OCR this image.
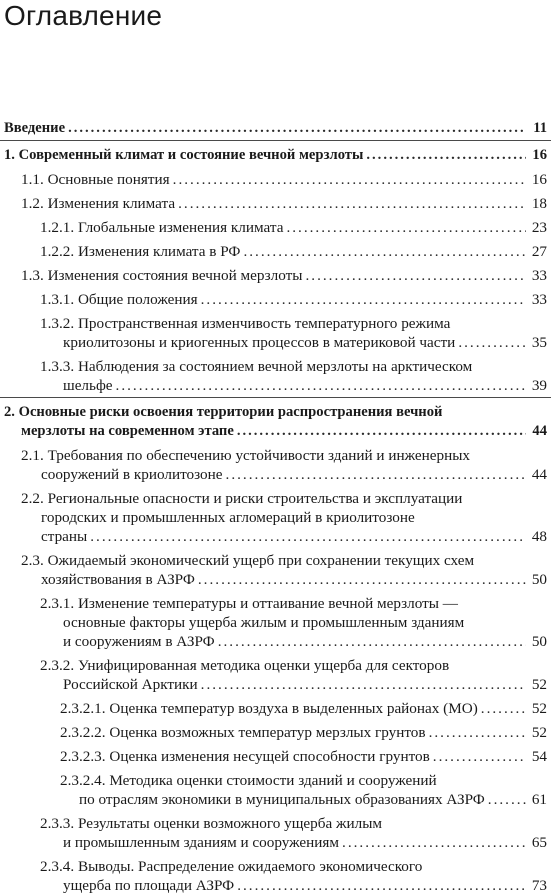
Оглавление
Введение .....	11
1. Современный климат и состояние вечной мерзлоты .....	16
1.1. Основные понятия .....	16
1.2. Изменения климата .....	18
1.2.1. Глобальные изменения климата .....	23
1.2.2. Изменения климата в РФ .....	27
1.3. Изменения состояния вечной мерзлоты .....	33
1.3.1. Общие положения .....	33
1.3.2. Пространственная изменчивость температурного режима
криолитозоны и криогенных процессов в материковой части .....	35
1.3.3. Наблюдения за состоянием вечной мерзлоты на арктическом
шельфе .....	39
2. Основные риски освоения территории распространения вечной
мерзлоты на современном этапе .....	44
2.1. Требования по обеспечению устойчивости зданий и инженерных
сооружений в криолитозоне .....	44
2.2. Региональные опасности и риски строительства и эксплуатации
городских и промышленных агломераций в криолитозоне
страны .....	48
2.3. Ожидаемый экономический ущерб при сохранении текущих схем
хозяйствования в АЗРФ .....	50
2.3.1. Изменение температуры и оттаивание вечной мерзлоты —
основные факторы ущерба жилым и промышленным зданиям
и сооружениям в АЗРФ .....	50
2.3.2. Унифицированная методика оценки ущерба для секторов
Российской Арктики .....	52
2.3.2.1. Оценка температур воздуха в выделенных районах (МО) .....	52
2.3.2.2. Оценка возможных температур мерзлых грунтов .....	52
2.3.2.3. Оценка изменения несущей способности грунтов .....	54
2.3.2.4. Методика оценки стоимости зданий и сооружений
по отраслям экономики в муниципальных образованиях АЗРФ .....	61
2.3.3. Результаты оценки возможного ущерба жилым
и промышленным зданиям и сооружениям .....	65
2.3.4. Выводы. Распределение ожидаемого экономического
ущерба по площади АЗРФ .....	73
